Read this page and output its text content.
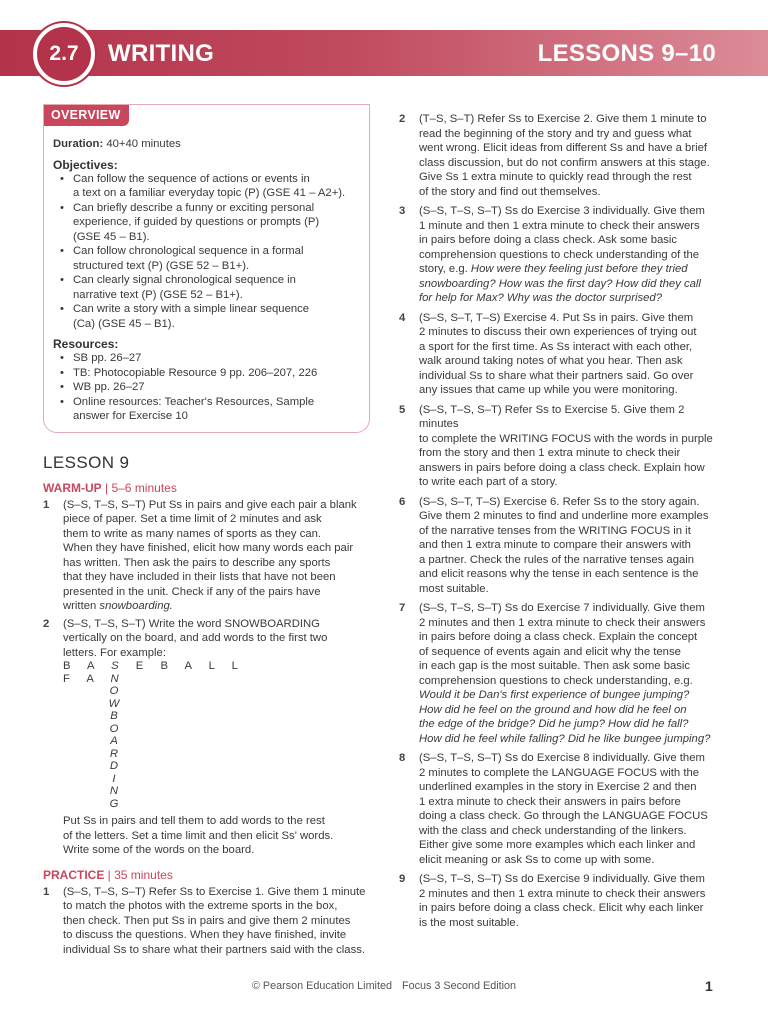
WRITING	LESSONS 9–10
2.7
OVERVIEW
Duration: 40+40 minutes
Objectives:
• Can follow the sequence of actions or events in
a text on a familiar everyday topic (P) (GSE 41 – A2+).
• Can briefly describe a funny or exciting personal
experience, if guided by questions or prompts (P)
(GSE 45 – B1).
• Can follow chronological sequence in a formal
structured text (P) (GSE 52 – B1+).
• Can clearly signal chronological sequence in
narrative text (P) (GSE 52 – B1+).
• Can write a story with a simple linear sequence
(Ca) (GSE 45 – B1).
Resources:
• SB pp. 26–27
• TB: Photocopiable Resource 9 pp. 206–207, 226
• WB pp. 26–27
• Online resources: Teacher's Resources, Sample
answer for Exercise 10
LESSON 9
WARM-UP | 5–6 minutes
1	(S–S, T–S, S–T) Put Ss in pairs and give each pair a blank
piece of paper. Set a time limit of 2 minutes and ask
them to write as many names of sports as they can.
When they have finished, elicit how many words each pair
has written. Then ask the pairs to describe any sports
that they have included in their lists that have not been
presented in the unit. Check if any of the pairs have
written snowboarding.
2	(S–S, T–S, S–T) Write the word SNOWBOARDING
vertically on the board, and add words to the first two
letters. For example:
B A S E B A L L
F A N
O
W
B
O
A
R
D
I
N
G
Put Ss in pairs and tell them to add words to the rest
of the letters. Set a time limit and then elicit Ss' words.
Write some of the words on the board.
PRACTICE | 35 minutes
1	(S–S, T–S, S–T) Refer Ss to Exercise 1. Give them 1 minute
to match the photos with the extreme sports in the box,
then check. Then put Ss in pairs and give them 2 minutes
to discuss the questions. When they have finished, invite
individual Ss to share what their partners said with the class.
2	(T–S, S–T) Refer Ss to Exercise 2. Give them 1 minute to
read the beginning of the story and try and guess what
went wrong. Elicit ideas from different Ss and have a brief
class discussion, but do not confirm answers at this stage.
Give Ss 1 extra minute to quickly read through the rest
of the story and find out themselves.
3	(S–S, T–S, S–T) Ss do Exercise 3 individually. Give them
1 minute and then 1 extra minute to check their answers
in pairs before doing a class check. Ask some basic
comprehension questions to check understanding of the
story, e.g. How were they feeling just before they tried
snowboarding? How was the first day? How did they call
for help for Max? Why was the doctor surprised?
4	(S–S, S–T, T–S) Exercise 4. Put Ss in pairs. Give them
2 minutes to discuss their own experiences of trying out
a sport for the first time. As Ss interact with each other,
walk around taking notes of what you hear. Then ask
individual Ss to share what their partners said. Go over
any issues that came up while you were monitoring.
5	(S–S, T–S, S–T) Refer Ss to Exercise 5. Give them 2 minutes
to complete the WRITING FOCUS with the words in purple
from the story and then 1 extra minute to check their
answers in pairs before doing a class check. Explain how
to write each part of a story.
6	(S–S, S–T, T–S) Exercise 6. Refer Ss to the story again.
Give them 2 minutes to find and underline more examples
of the narrative tenses from the WRITING FOCUS in it
and then 1 extra minute to compare their answers with
a partner. Check the rules of the narrative tenses again
and elicit reasons why the tense in each sentence is the
most suitable.
7	(S–S, T–S, S–T) Ss do Exercise 7 individually. Give them
2 minutes and then 1 extra minute to check their answers
in pairs before doing a class check. Explain the concept
of sequence of events again and elicit why the tense
in each gap is the most suitable. Then ask some basic
comprehension questions to check understanding, e.g.
Would it be Dan's first experience of bungee jumping?
How did he feel on the ground and how did he feel on
the edge of the bridge? Did he jump? How did he fall?
How did he feel while falling? Did he like bungee jumping?
8	(S–S, T–S, S–T) Ss do Exercise 8 individually. Give them
2 minutes to complete the LANGUAGE FOCUS with the
underlined examples in the story in Exercise 2 and then
1 extra minute to check their answers in pairs before
doing a class check. Go through the LANGUAGE FOCUS
with the class and check understanding of the linkers.
Either give some more examples which each linker and
elicit meaning or ask Ss to come up with some.
9	(S–S, T–S, S–T) Ss do Exercise 9 individually. Give them
2 minutes and then 1 extra minute to check their answers
in pairs before doing a class check. Elicit why each linker
is the most suitable.
© Pearson Education Limited Focus 3 Second Edition	1
